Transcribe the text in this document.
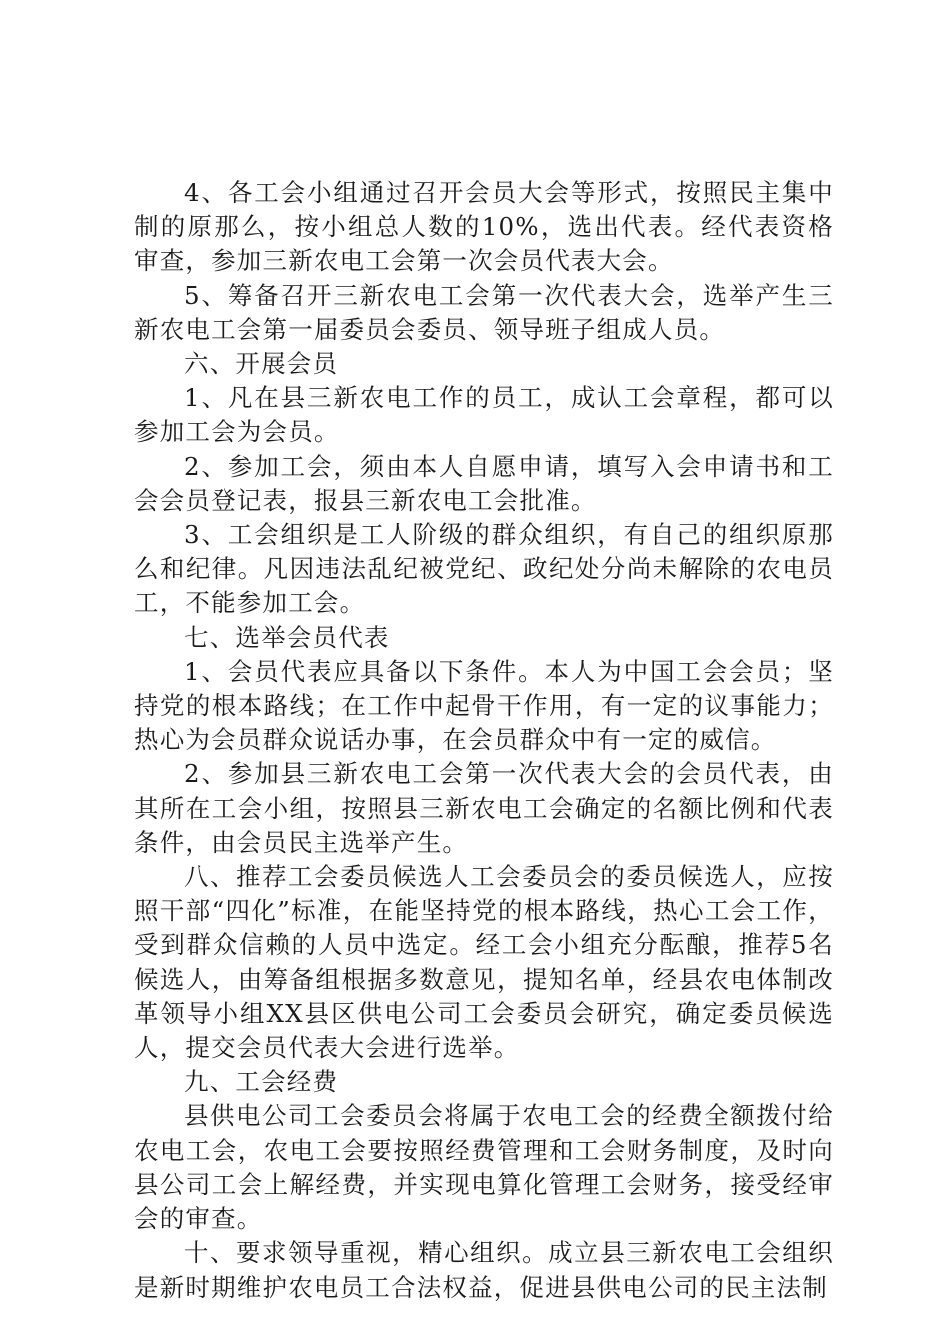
4、各工会小组通过召开会员大会等形式，按照民主集中制的原那么，按小组总人数的10%，选出代表。经代表资格审查，参加三新农电工会第一次会员代表大会。

5、筹备召开三新农电工会第一次代表大会，选举产生三新农电工会第一届委员会委员、领导班子组成人员。

六、开展会员

1、凡在县三新农电工作的员工，成认工会章程，都可以参加工会为会员。

2、参加工会，须由本人自愿申请，填写入会申请书和工会会员登记表，报县三新农电工会批准。

3、工会组织是工人阶级的群众组织，有自己的组织原那么和纪律。凡因违法乱纪被党纪、政纪处分尚未解除的农电员工，不能参加工会。

七、选举会员代表

1、会员代表应具备以下条件。本人为中国工会会员；坚持党的根本路线；在工作中起骨干作用，有一定的议事能力；热心为会员群众说话办事，在会员群众中有一定的威信。

2、参加县三新农电工会第一次代表大会的会员代表，由其所在工会小组，按照县三新农电工会确定的名额比例和代表条件，由会员民主选举产生。

八、推荐工会委员候选人工会委员会的委员候选人，应按照干部“四化”标准，在能坚持党的根本路线，热心工会工作，受到群众信赖的人员中选定。经工会小组充分酝酿，推荐5名候选人，由筹备组根据多数意见，提知名单，经县农电体制改革领导小组XX县区供电公司工会委员会研究，确定委员候选人，提交会员代表大会进行选举。

九、工会经费

县供电公司工会委员会将属于农电工会的经费全额拨付给农电工会，农电工会要按照经费管理和工会财务制度，及时向县公司工会上解经费，并实现电算化管理工会财务，接受经审会的审查。

十、要求领导重视，精心组织。成立县三新农电工会组织是新时期维护农电员工合法权益，促进县供电公司的民主法制
